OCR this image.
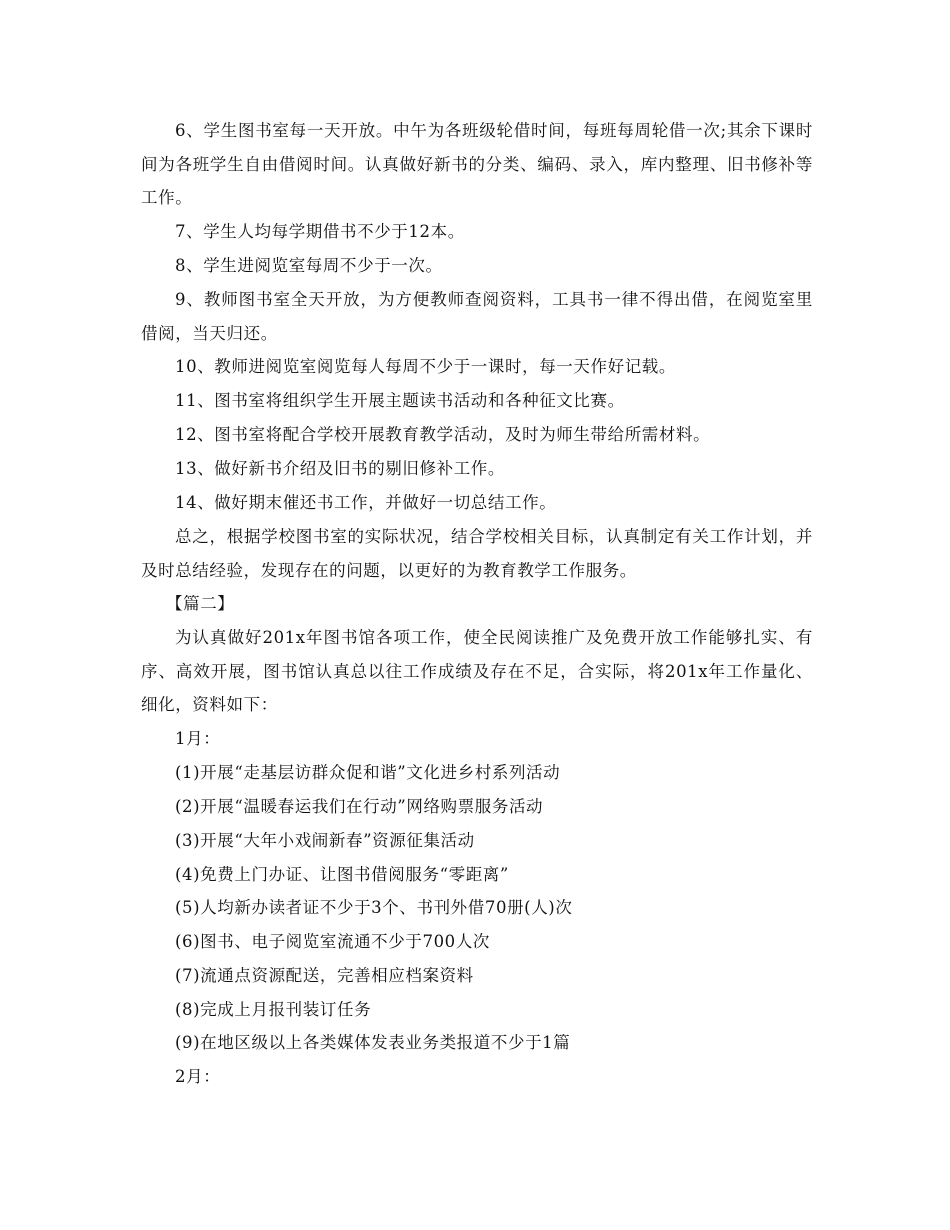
6、学生图书室每一天开放。中午为各班级轮借时间，每班每周轮借一次;其余下课时间为各班学生自由借阅时间。认真做好新书的分类、编码、录入，库内整理、旧书修补等工作。

7、学生人均每学期借书不少于12本。

8、学生进阅览室每周不少于一次。

9、教师图书室全天开放，为方便教师查阅资料，工具书一律不得出借，在阅览室里借阅，当天归还。

10、教师进阅览室阅览每人每周不少于一课时，每一天作好记载。

11、图书室将组织学生开展主题读书活动和各种征文比赛。

12、图书室将配合学校开展教育教学活动，及时为师生带给所需材料。

13、做好新书介绍及旧书的剔旧修补工作。

14、做好期末催还书工作，并做好一切总结工作。

总之，根据学校图书室的实际状况，结合学校相关目标，认真制定有关工作计划，并及时总结经验，发现存在的问题，以更好的为教育教学工作服务。

【篇二】

为认真做好201x年图书馆各项工作，使全民阅读推广及免费开放工作能够扎实、有序、高效开展，图书馆认真总以往工作成绩及存在不足，合实际，将201x年工作量化、细化，资料如下：

1月：

(1)开展“走基层访群众促和谐”文化进乡村系列活动

(2)开展“温暖春运我们在行动”网络购票服务活动

(3)开展“大年小戏闹新春”资源征集活动

(4)免费上门办证、让图书借阅服务“零距离”

(5)人均新办读者证不少于3个、书刊外借70册(人)次

(6)图书、电子阅览室流通不少于700人次

(7)流通点资源配送，完善相应档案资料

(8)完成上月报刊装订任务

(9)在地区级以上各类媒体发表业务类报道不少于1篇

2月：
